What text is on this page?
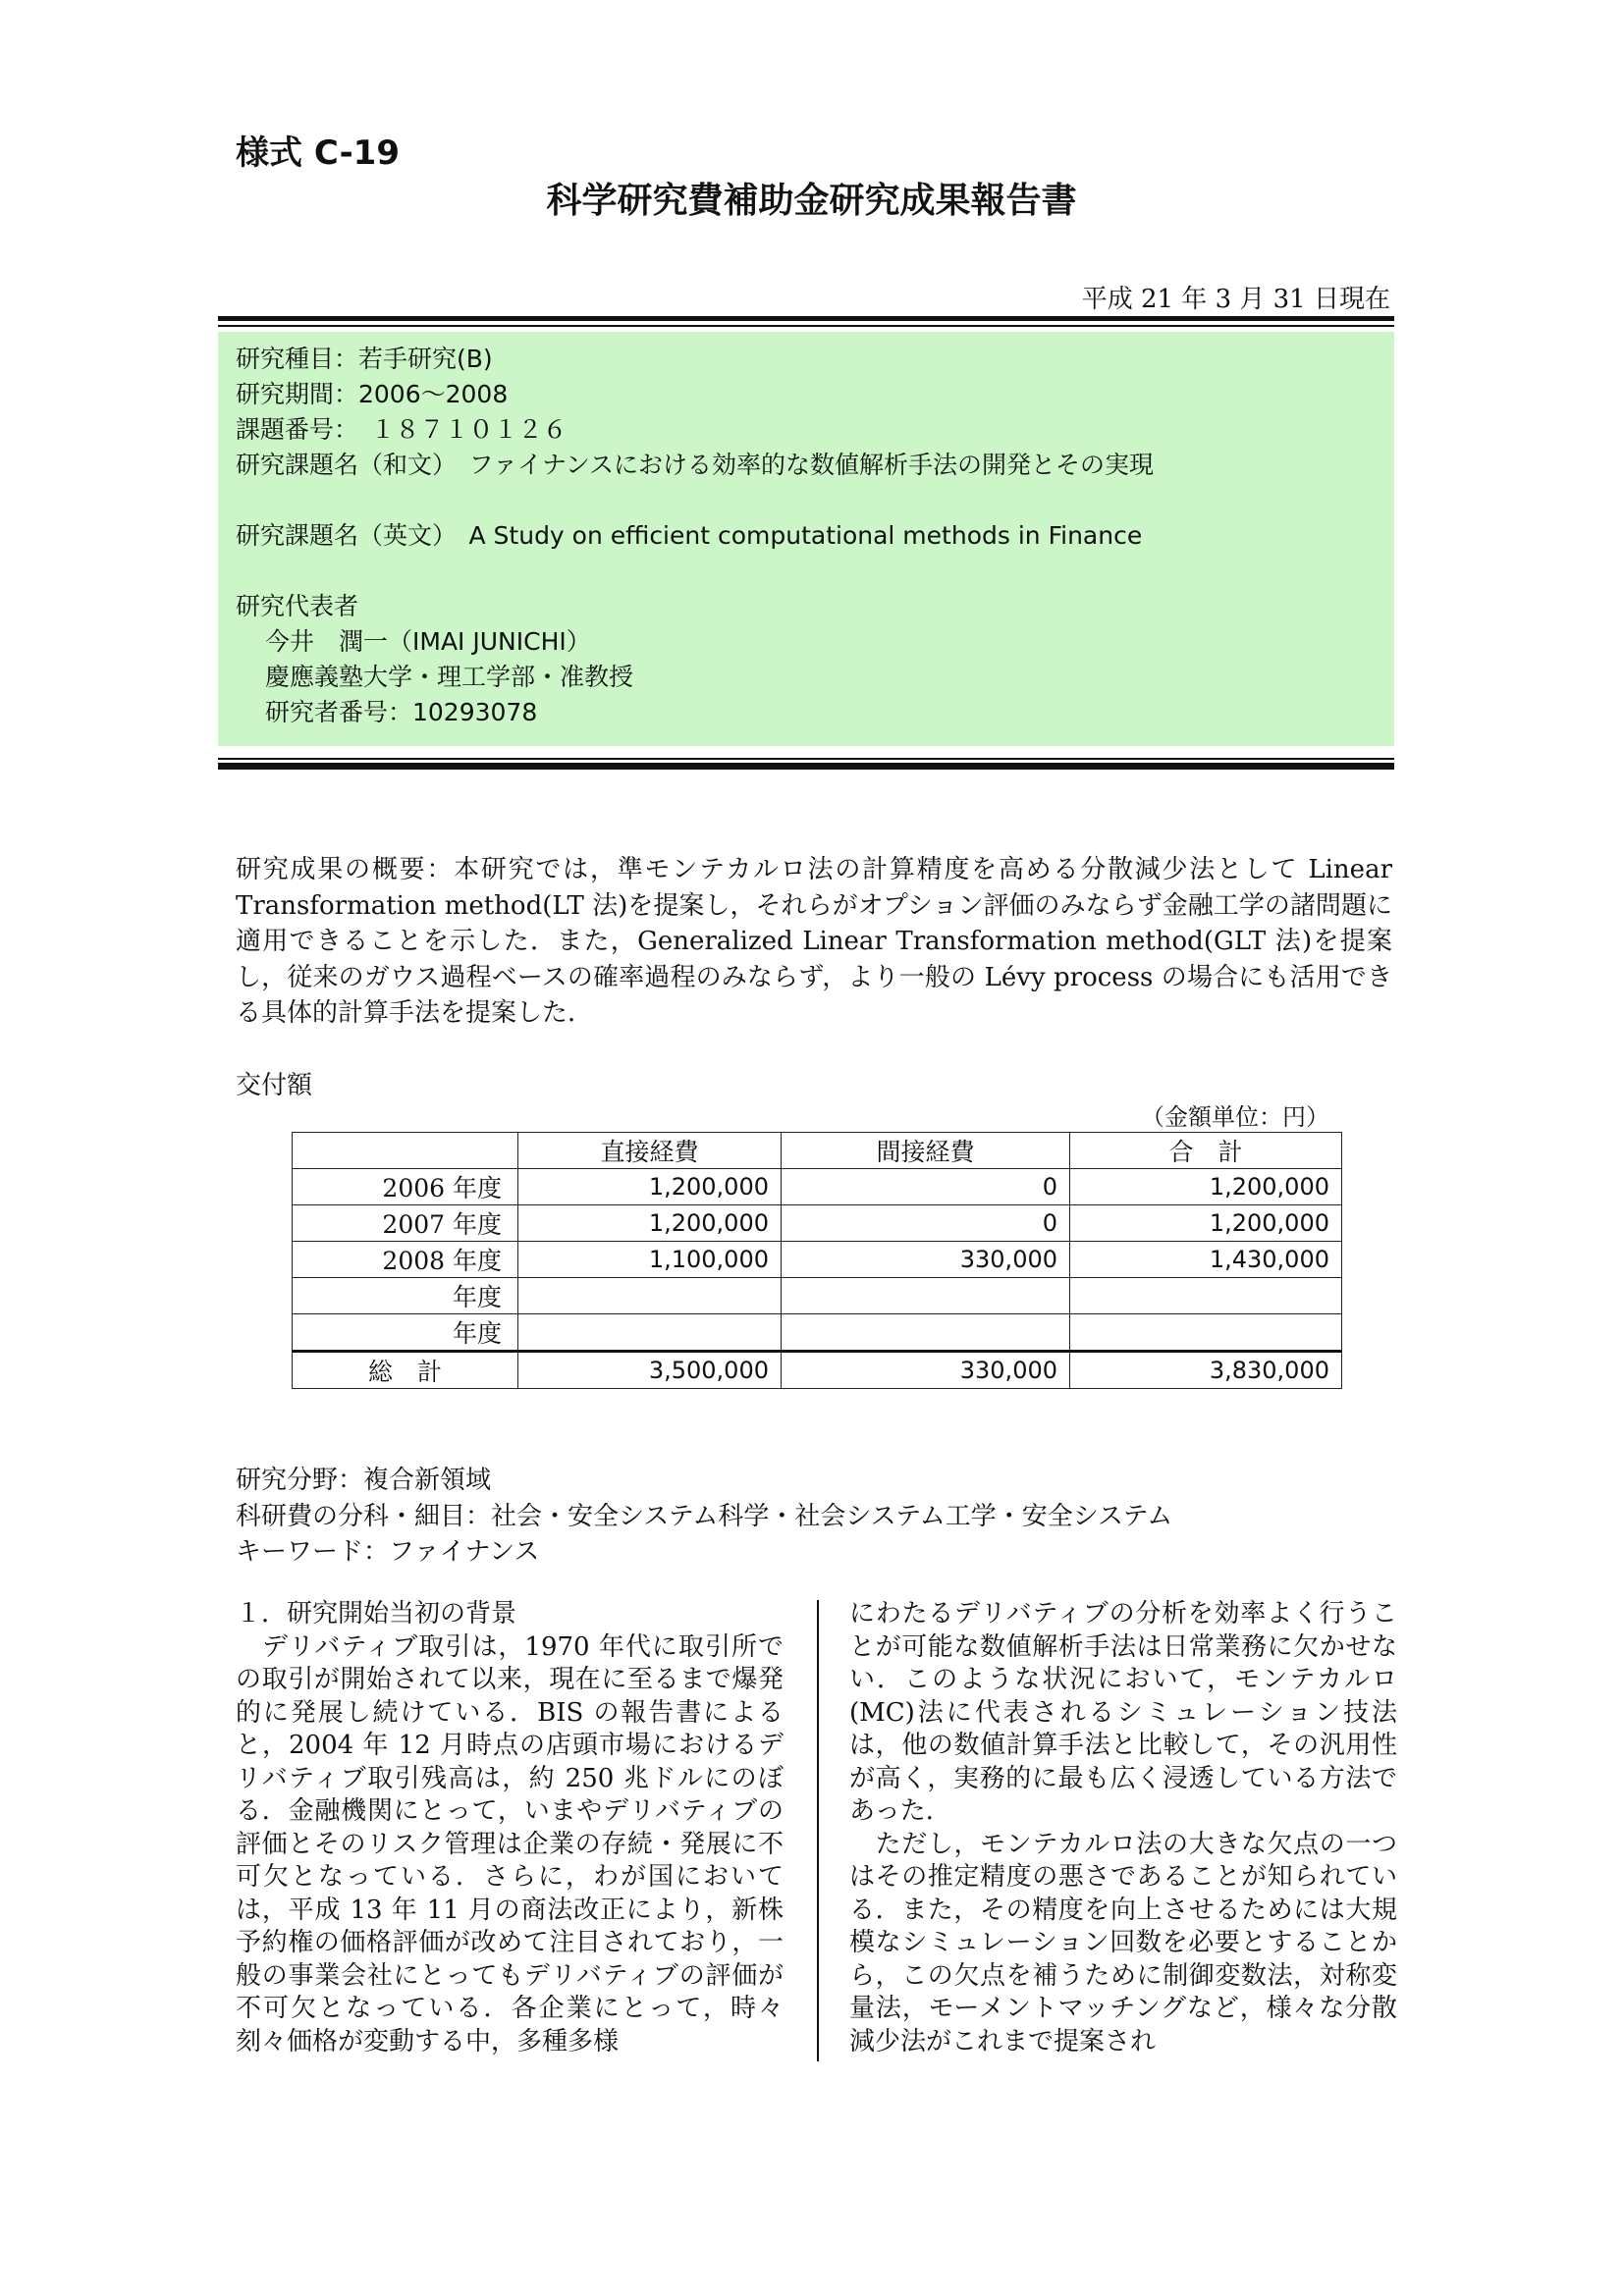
様式 C-19
科学研究費補助金研究成果報告書
平成 21 年 3 月 31 日現在
研究種目：若手研究(B)
研究期間：2006～2008
課題番号：　１８７１０１２６
研究課題名（和文）　ファイナンスにおける効率的な数値解析手法の開発とその実現
研究課題名（英文）　A Study on efficient computational methods in Finance
研究代表者
今井　潤一（IMAI JUNICHI）
慶應義塾大学・理工学部・准教授
研究者番号：10293078
研究成果の概要：本研究では，準モンテカルロ法の計算精度を高める分散減少法として Linear Transformation method(LT 法)を提案し，それらがオプション評価のみならず金融工学の諸問題に適用できることを示した．また，Generalized Linear Transformation method(GLT 法)を提案し，従来のガウス過程ベースの確率過程のみならず，より一般の Lévy process の場合にも活用できる具体的計算手法を提案した．
交付額
（金額単位：円）
	直接経費	間接経費	合　計
2006 年度	1,200,000	0	1,200,000
2007 年度	1,200,000	0	1,200,000
2008 年度	1,100,000	330,000	1,430,000
年度			
年度			
総　計	3,500,000	330,000	3,830,000
研究分野：複合新領域
科研費の分科・細目：社会・安全システム科学・社会システム工学・安全システム
キーワード：ファイナンス

１．研究開始当初の背景

　デリバティブ取引は，1970 年代に取引所での取引が開始されて以来，現在に至るまで爆発的に発展し続けている．BIS の報告書によると，2004 年 12 月時点の店頭市場におけるデリバティブ取引残高は，約 250 兆ドルにのぼる．金融機関にとって，いまやデリバティブの評価とそのリスク管理は企業の存続・発展に不可欠となっている．さらに，わが国においては，平成 13 年 11 月の商法改正により，新株予約権の価格評価が改めて注目されており，一般の事業会社にとってもデリバティブの評価が不可欠となっている．各企業にとって，時々刻々価格が変動する中，多種多様

にわたるデリバティブの分析を効率よく行うことが可能な数値解析手法は日常業務に欠かせない．このような状況において，モンテカルロ(MC)法に代表されるシミュレーション技法は，他の数値計算手法と比較して，その汎用性が高く，実務的に最も広く浸透している方法であった．

　ただし，モンテカルロ法の大きな欠点の一つはその推定精度の悪さであることが知られている．また，その精度を向上させるためには大規模なシミュレーション回数を必要とすることから，この欠点を補うために制御変数法，対称変量法，モーメントマッチングなど，様々な分散減少法がこれまで提案され
